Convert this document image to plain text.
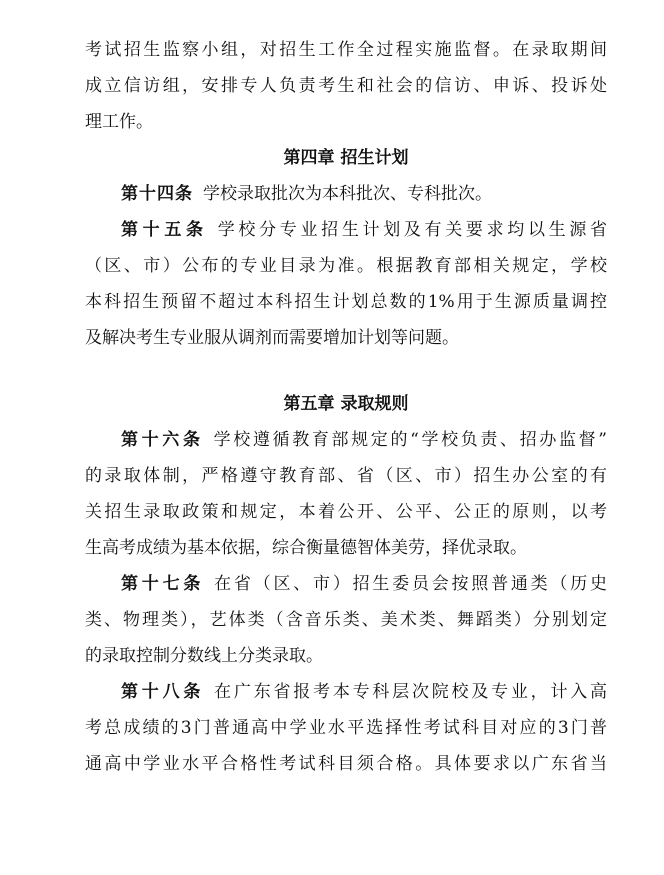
考试招生监察小组，对招生工作全过程实施监督。在录取期间
成立信访组，安排专人负责考生和社会的信访、申诉、投诉处
理工作。
第四章 招生计划
第十四条 学校录取批次为本科批次、专科批次。
第十五条 学校分专业招生计划及有关要求均以生源省
（区、市）公布的专业目录为准。根据教育部相关规定，学校
本科招生预留不超过本科招生计划总数的1%用于生源质量调控
及解决考生专业服从调剂而需要增加计划等问题。
第五章 录取规则
第十六条 学校遵循教育部规定的“学校负责、招办监督”
的录取体制，严格遵守教育部、省（区、市）招生办公室的有
关招生录取政策和规定，本着公开、公平、公正的原则，以考
生高考成绩为基本依据，综合衡量德智体美劳，择优录取。
第十七条 在省（区、市）招生委员会按照普通类（历史
类、物理类），艺体类（含音乐类、美术类、舞蹈类）分别划定
的录取控制分数线上分类录取。
第十八条 在广东省报考本专科层次院校及专业，计入高
考总成绩的3门普通高中学业水平选择性考试科目对应的3门普
通高中学业水平合格性考试科目须合格。具体要求以广东省当
